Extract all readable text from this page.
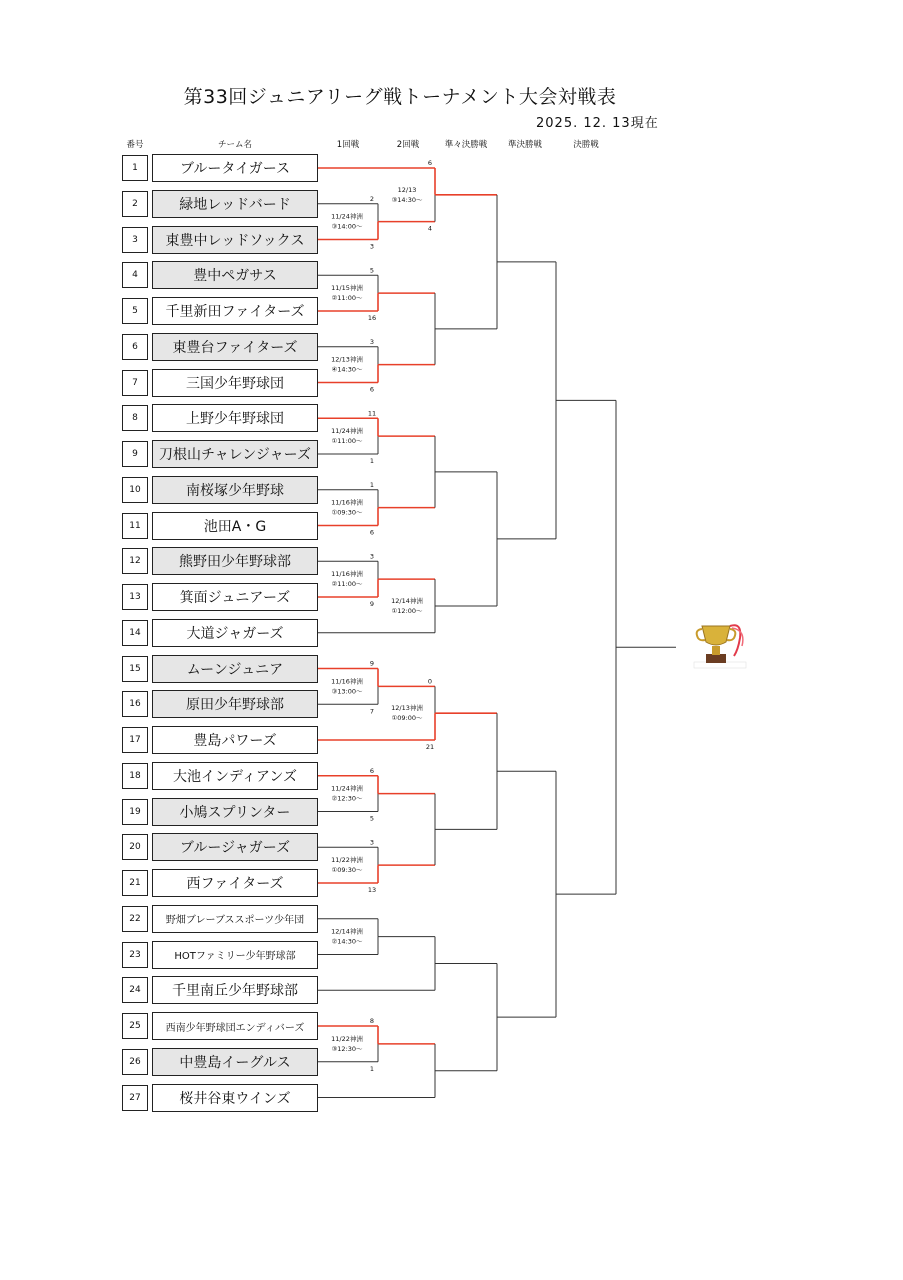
第33回ジュニアリーグ戦トーナメント大会対戦表
2025. 12. 13現在
番号	チーム名	1回戦	2回戦	準々決勝戦	準決勝戦	決勝戦
1	ブルータイガース
2	緑地レッドバード
3	東豊中レッドソックス
4	豊中ペガサス
5	千里新田ファイターズ
6	東豊台ファイターズ
7	三国少年野球団
8	上野少年野球団
9	刀根山チャレンジャーズ
10	南桜塚少年野球
11	池田A・G
12	熊野田少年野球部
13	箕面ジュニアーズ
14	大道ジャガーズ
15	ムーンジュニア
16	原田少年野球部
17	豊島パワーズ
18	大池インディアンズ
19	小鳩スプリンター
20	ブルージャガーズ
21	西ファイターズ
22	野畑ブレーブススポーツ少年団
23	HOTファミリー少年野球部
24	千里南丘少年野球部
25	西南少年野球団エンディバーズ
26	中豊島イーグルス
27	桜井谷東ウインズ
2
3
11/24神洲
③14:00～
5
16
11/15神洲
②11:00～
3
6
12/13神洲
④14:30～
11
1
11/24神洲
①11:00～
1
6
11/16神洲
①09:30～
3
9
11/16神洲
②11:00～
9
7
11/16神洲
③13:00～
6
5
11/24神洲
②12:30～
3
13
11/22神洲
①09:30～
12/14神洲
②14:30～
8
1
11/22神洲
③12:30～
6
4
12/13
③14:30～
12/14神洲
①12:00～
0
21
12/13神洲
①09:00～
